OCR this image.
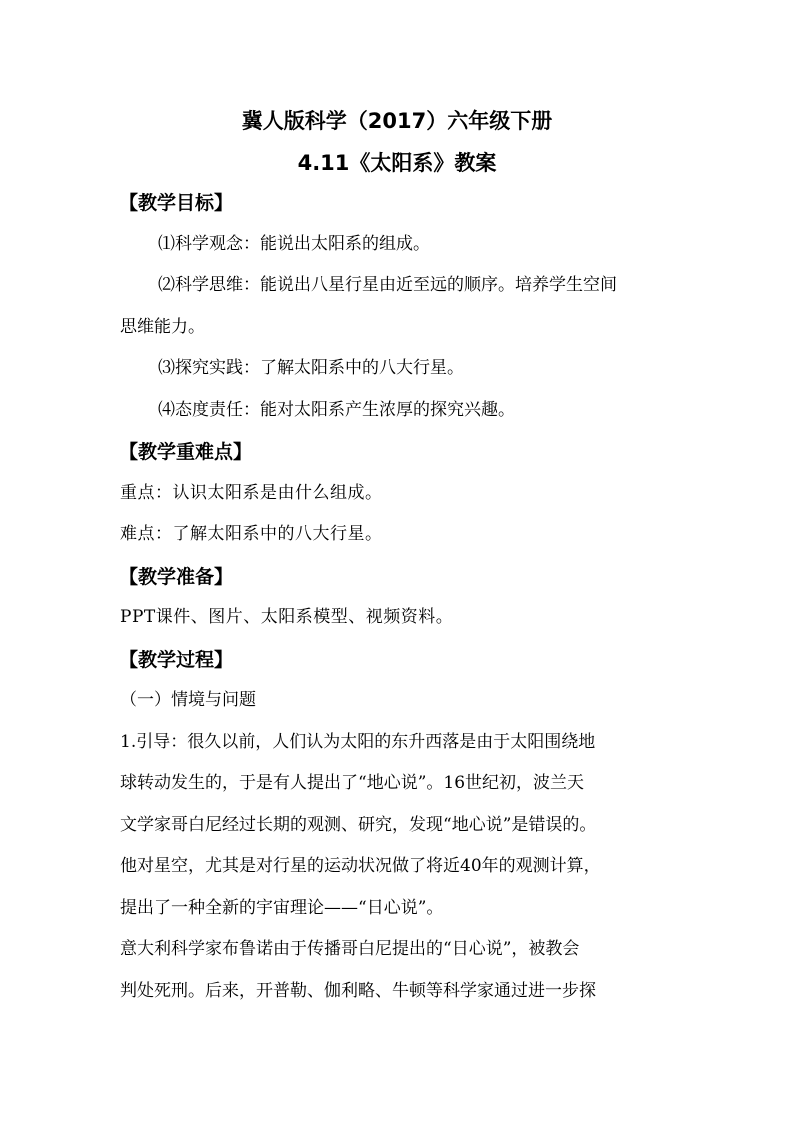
冀人版科学（2017）六年级下册
4.11《太阳系》教案
【教学目标】

⑴科学观念：能说出太阳系的组成。

⑵科学思维：能说出八星行星由近至远的顺序。培养学生空间

思维能力。

⑶探究实践：了解太阳系中的八大行星。

⑷态度责任：能对太阳系产生浓厚的探究兴趣。

【教学重难点】

重点：认识太阳系是由什么组成。

难点：了解太阳系中的八大行星。

【教学准备】

PPT课件、图片、太阳系模型、视频资料。

【教学过程】

（一）情境与问题

1.引导：很久以前，人们认为太阳的东升西落是由于太阳围绕地

球转动发生的，于是有人提出了“地心说”。16世纪初，波兰天

文学家哥白尼经过长期的观测、研究，发现“地心说”是错误的。

他对星空，尤其是对行星的运动状况做了将近40年的观测计算，

提出了一种全新的宇宙理论——“日心说”。

意大利科学家布鲁诺由于传播哥白尼提出的“日心说”，被教会

判处死刑。后来，开普勒、伽利略、牛顿等科学家通过进一步探
